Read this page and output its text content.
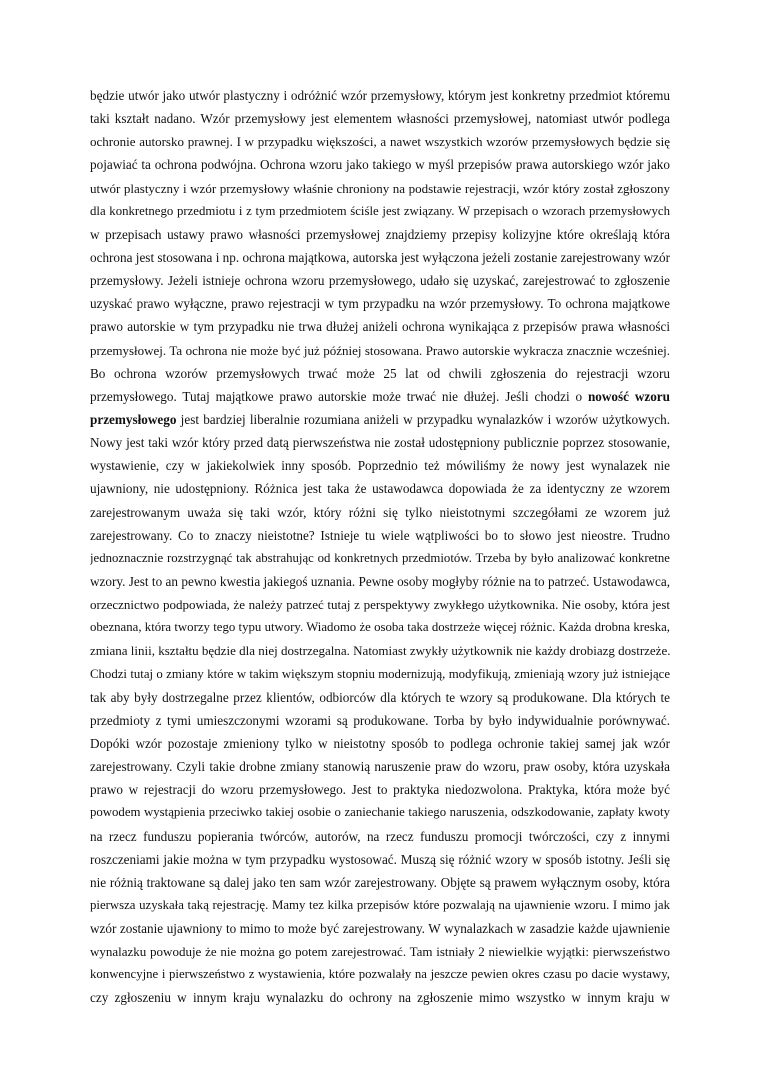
będzie utwór jako utwór plastyczny i odróżnić wzór przemysłowy, którym jest konkretny przedmiot któremu
taki kształt nadano. Wzór przemysłowy jest elementem własności przemysłowej, natomiast utwór podlega
ochronie autorsko prawnej. I w przypadku większości, a nawet wszystkich wzorów przemysłowych będzie się
pojawiać ta ochrona podwójna. Ochrona wzoru jako takiego w myśl przepisów prawa autorskiego wzór jako
utwór plastyczny i wzór przemysłowy właśnie chroniony na podstawie rejestracji, wzór który został zgłoszony
dla konkretnego przedmiotu i z tym przedmiotem ściśle jest związany. W przepisach o wzorach przemysłowych
w przepisach ustawy prawo własności przemysłowej znajdziemy przepisy kolizyjne które określają która
ochrona jest stosowana i np. ochrona majątkowa, autorska jest wyłączona jeżeli zostanie zarejestrowany wzór
przemysłowy. Jeżeli istnieje ochrona wzoru przemysłowego, udało się uzyskać, zarejestrować to zgłoszenie
uzyskać prawo wyłączne, prawo rejestracji w tym przypadku na wzór przemysłowy. To ochrona majątkowe
prawo autorskie w tym przypadku nie trwa dłużej aniżeli ochrona wynikająca z przepisów prawa własności
przemysłowej. Ta ochrona nie może być już później stosowana. Prawo autorskie wykracza znacznie wcześniej.
Bo ochrona wzorów przemysłowych trwać może 25 lat od chwili zgłoszenia do rejestracji wzoru
przemysłowego. Tutaj majątkowe prawo autorskie może trwać nie dłużej. Jeśli chodzi o nowość wzoru
przemysłowego jest bardziej liberalnie rozumiana aniżeli w przypadku wynalazków i wzorów użytkowych.
Nowy jest taki wzór który przed datą pierwszeństwa nie został udostępniony publicznie poprzez stosowanie,
wystawienie, czy w jakiekolwiek inny sposób. Poprzednio też mówiliśmy że nowy jest wynalazek nie
ujawniony, nie udostępniony. Różnica jest taka że ustawodawca dopowiada że za identyczny ze wzorem
zarejestrowanym uważa się taki wzór, który różni się tylko nieistotnymi szczegółami ze wzorem już
zarejestrowany. Co to znaczy nieistotne? Istnieje tu wiele wątpliwości bo to słowo jest nieostre. Trudno
jednoznacznie rozstrzygnąć tak abstrahując od konkretnych przedmiotów. Trzeba by było analizować konkretne
wzory. Jest to an pewno kwestia jakiegoś uznania. Pewne osoby mogłyby różnie na to patrzeć. Ustawodawca,
orzecznictwo podpowiada, że należy patrzeć tutaj z perspektywy zwykłego użytkownika. Nie osoby, która jest
obeznana, która tworzy tego typu utwory. Wiadomo że osoba taka dostrzeże więcej różnic. Każda drobna kreska,
zmiana linii, kształtu będzie dla niej dostrzegalna. Natomiast zwykły użytkownik nie każdy drobiazg dostrzeże.
Chodzi tutaj o zmiany które w takim większym stopniu modernizują, modyfikują, zmieniają wzory już istniejące
tak aby były dostrzegalne przez klientów, odbiorców dla których te wzory są produkowane. Dla których te
przedmioty z tymi umieszczonymi wzorami są produkowane. Torba by było indywidualnie porównywać.
Dopóki wzór pozostaje zmieniony tylko w nieistotny sposób to podlega ochronie takiej samej jak wzór
zarejestrowany. Czyli takie drobne zmiany stanowią naruszenie praw do wzoru, praw osoby, która uzyskała
prawo w rejestracji do wzoru przemysłowego. Jest to praktyka niedozwolona. Praktyka, która może być
powodem wystąpienia przeciwko takiej osobie o zaniechanie takiego naruszenia, odszkodowanie, zapłaty kwoty
na rzecz funduszu popierania twórców, autorów, na rzecz funduszu promocji twórczości, czy z innymi
roszczeniami jakie można w tym przypadku wystosować. Muszą się różnić wzory w sposób istotny. Jeśli się
nie różnią traktowane są dalej jako ten sam wzór zarejestrowany. Objęte są prawem wyłącznym osoby, która
pierwsza uzyskała taką rejestrację. Mamy tez kilka przepisów które pozwalają na ujawnienie wzoru. I mimo jak
wzór zostanie ujawniony to mimo to może być zarejestrowany. W wynalazkach w zasadzie każde ujawnienie
wynalazku powoduje że nie można go potem zarejestrować. Tam istniały 2 niewielkie wyjątki: pierwszeństwo
konwencyjne i pierwszeństwo z wystawienia, które pozwalały na jeszcze pewien okres czasu po dacie wystawy,
czy zgłoszeniu w innym kraju wynalazku do ochrony na zgłoszenie mimo wszystko w innym kraju w
